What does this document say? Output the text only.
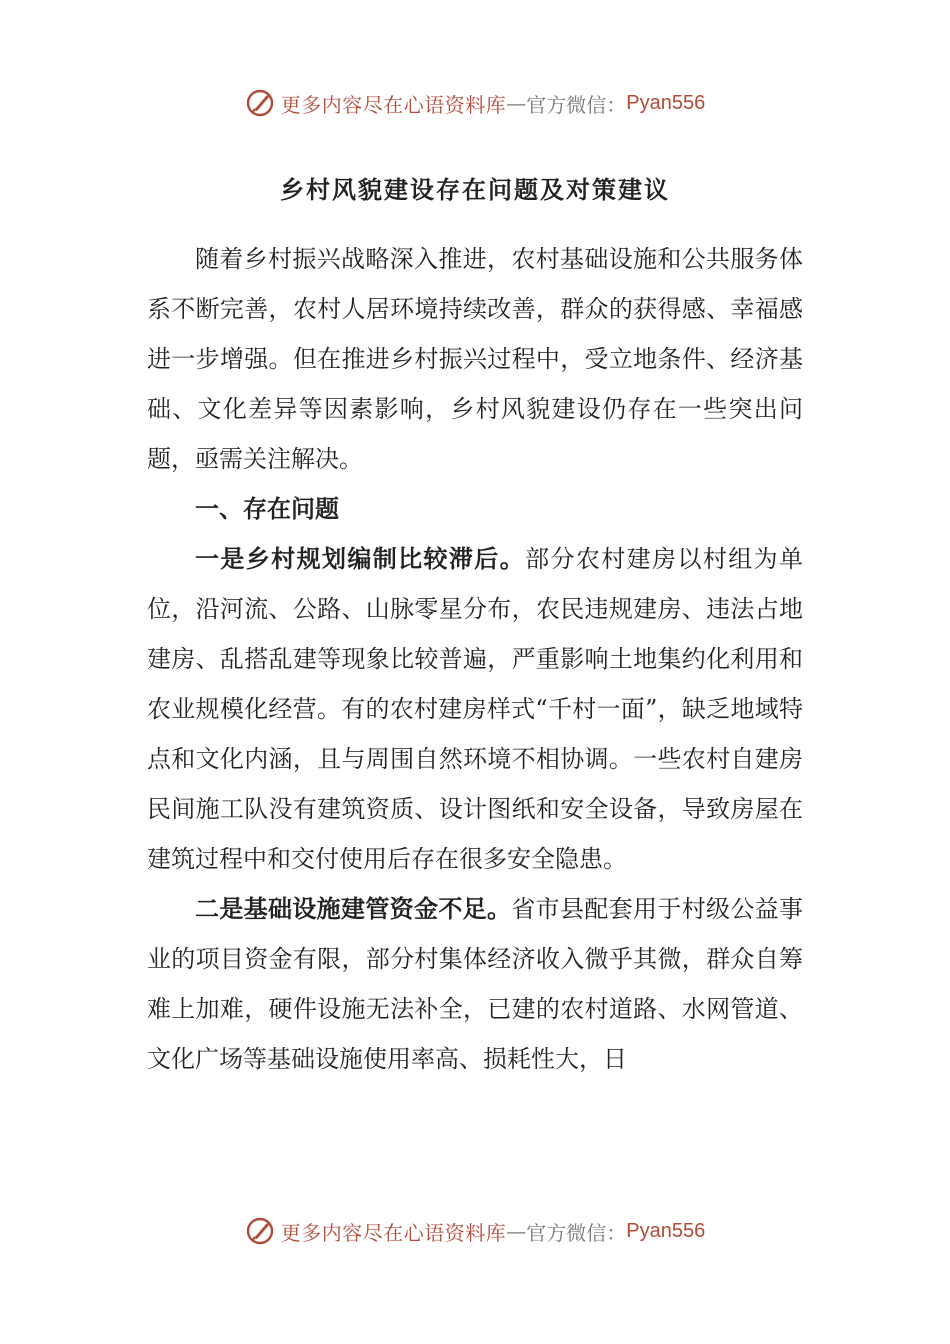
更多内容尽在心语资料库 — 官方微信： Pyan556
乡村风貌建设存在问题及对策建议

随着乡村振兴战略深入推进，农村基础设施和公共服务体系不断完善，农村人居环境持续改善，群众的获得感、幸福感进一步增强。但在推进乡村振兴过程中，受立地条件、经济基础、文化差异等因素影响，乡村风貌建设仍存在一些突出问题，亟需关注解决。

一、存在问题

一是乡村规划编制比较滞后。部分农村建房以村组为单位，沿河流、公路、山脉零星分布，农民违规建房、违法占地建房、乱搭乱建等现象比较普遍，严重影响土地集约化利用和农业规模化经营。有的农村建房样式“千村一面”，缺乏地域特点和文化内涵，且与周围自然环境不相协调。一些农村自建房民间施工队没有建筑资质、设计图纸和安全设备，导致房屋在建筑过程中和交付使用后存在很多安全隐患。

二是基础设施建管资金不足。省市县配套用于村级公益事业的项目资金有限，部分村集体经济收入微乎其微，群众自筹难上加难，硬件设施无法补全，已建的农村道路、水网管道、文化广场等基础设施使用率高、损耗性大，日

更多内容尽在心语资料库 — 官方微信： Pyan556
